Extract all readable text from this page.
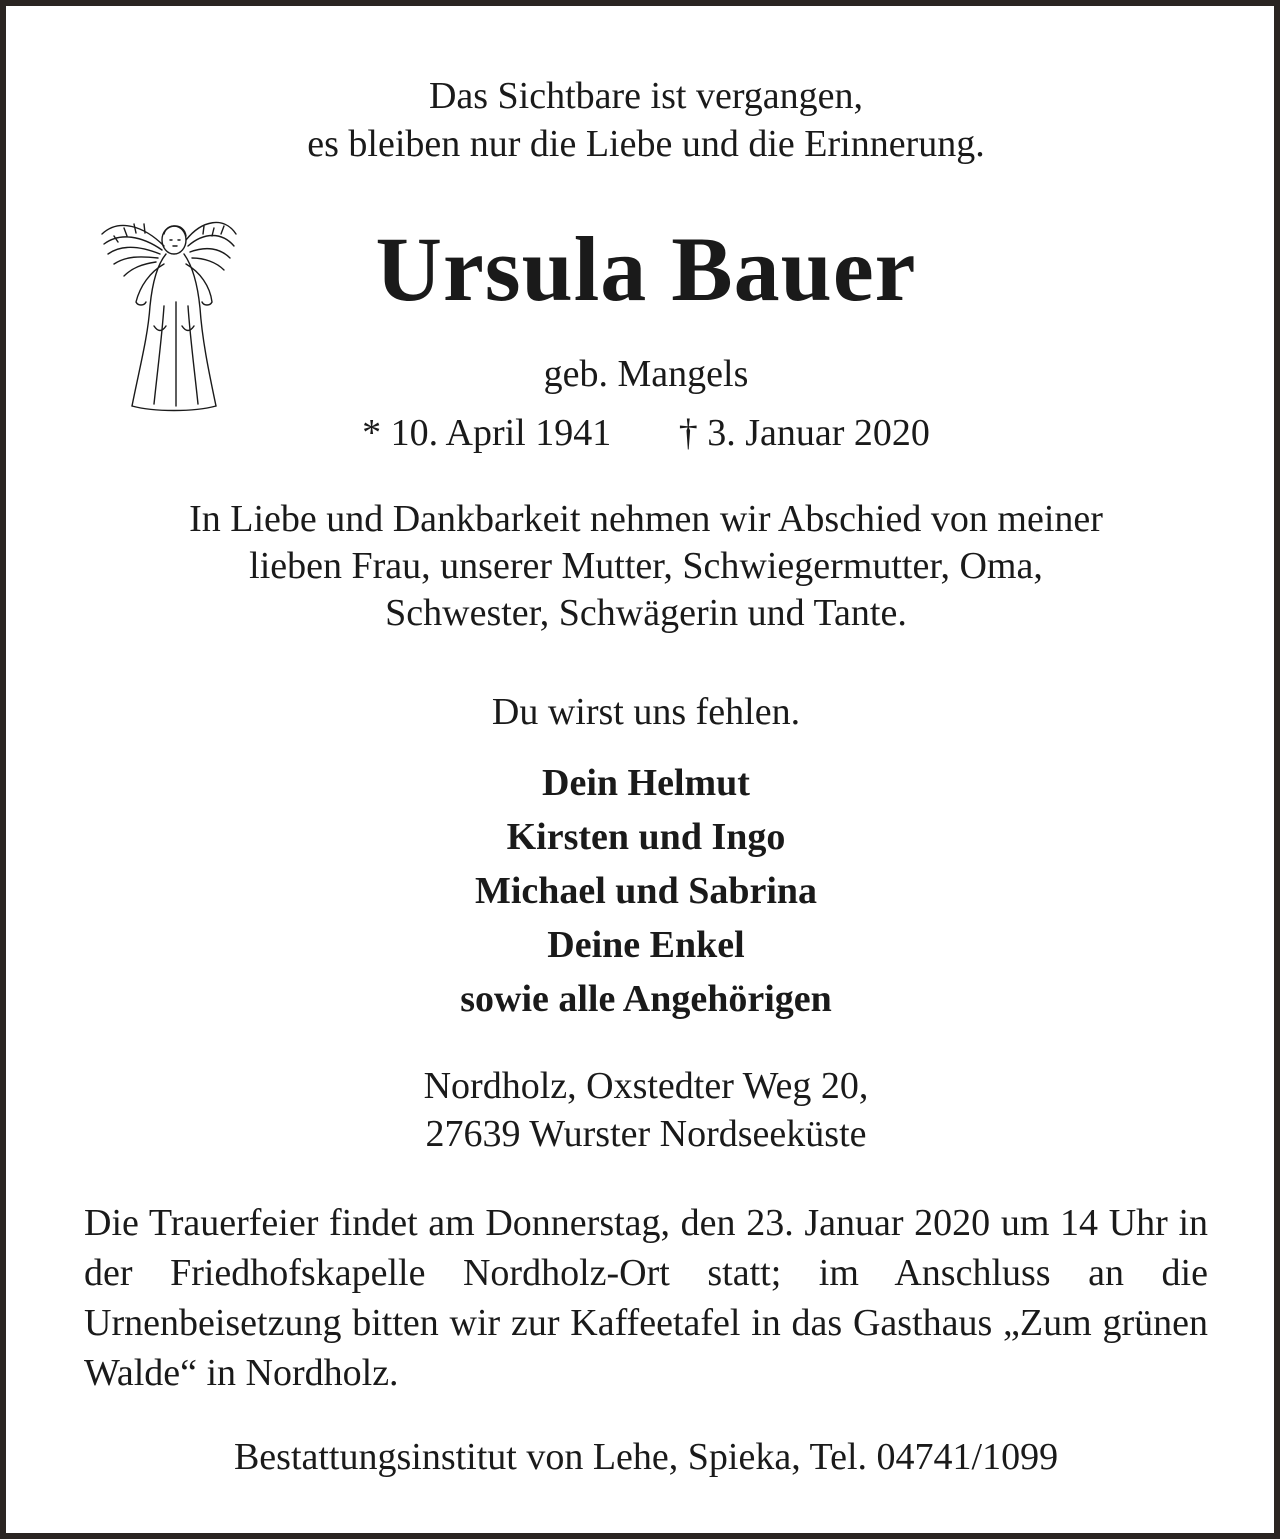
Das Sichtbare ist vergangen,
es bleiben nur die Liebe und die Erinnerung.
Ursula Bauer
geb. Mangels
* 10. April 1941 † 3. Januar 2020
In Liebe und Dankbarkeit nehmen wir Abschied von meiner
lieben Frau, unserer Mutter, Schwiegermutter, Oma,
Schwester, Schwägerin und Tante.
Du wirst uns fehlen.
Dein Helmut
Kirsten und Ingo
Michael und Sabrina
Deine Enkel
sowie alle Angehörigen
Nordholz, Oxstedter Weg 20,
27639 Wurster Nordseeküste
Die Trauerfeier findet am Donnerstag, den 23. Januar 2020 um 14 Uhr in der Friedhofskapelle Nordholz-Ort statt; im Anschluss an die Urnenbeisetzung bitten wir zur Kaffeetafel in das Gasthaus „Zum grünen Walde“ in Nordholz.
Bestattungsinstitut von Lehe, Spieka, Tel. 04741/1099
